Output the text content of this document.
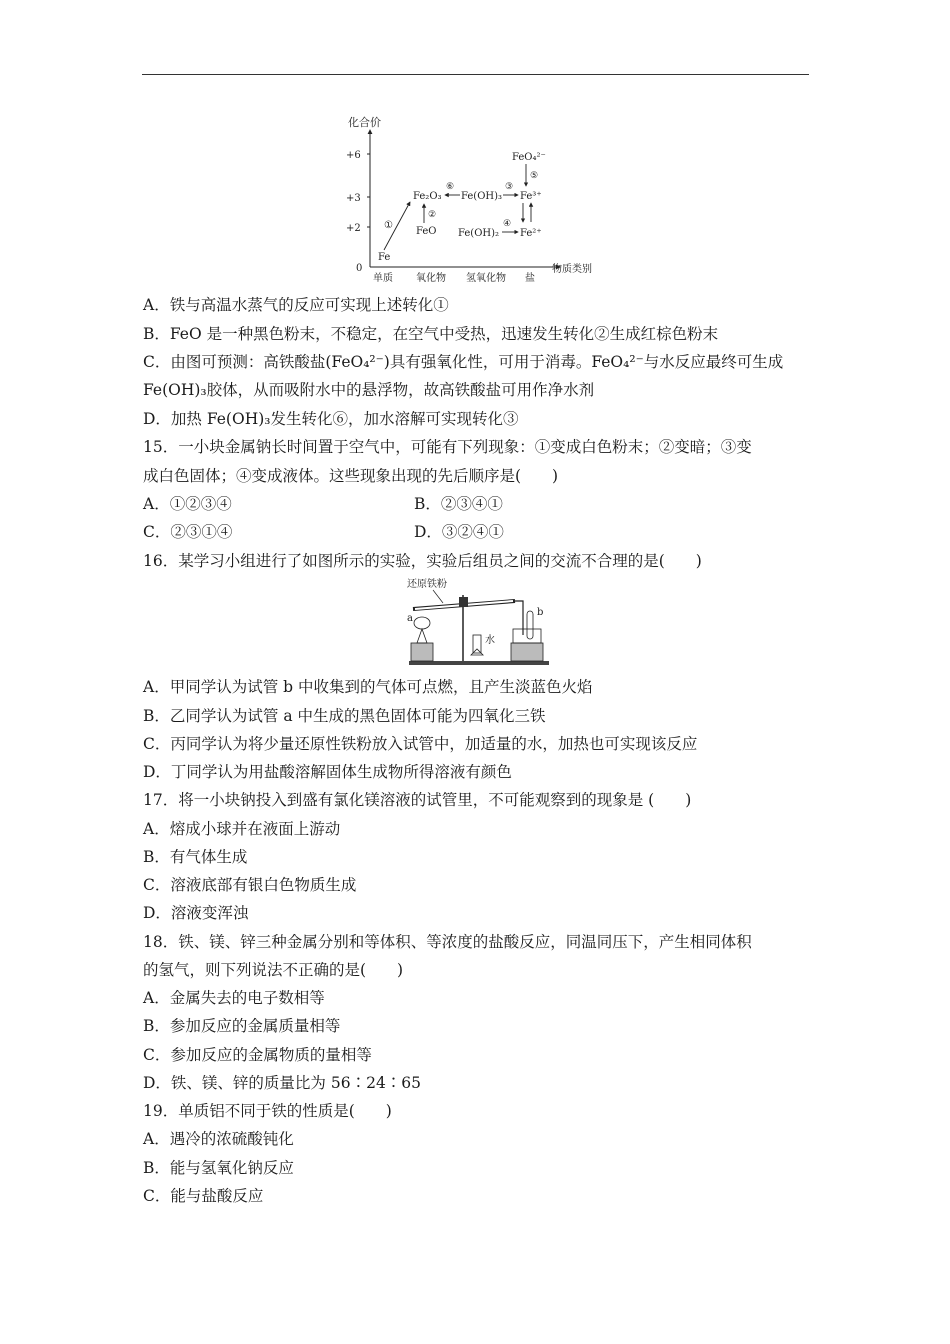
化合价
+6
+3
+2
0
单质 氧化物 氢氧化物 盐
物质类别
Fe
FeO
Fe₂O₃ Fe(OH)₃
Fe(OH)₂
Fe³⁺
Fe²⁺
FeO₄²⁻
①
②
⑥	③
④
⑤
A．铁与高温水蒸气的反应可实现上述转化①
B．FeO 是一种黑色粉末，不稳定，在空气中受热，迅速发生转化②生成红棕色粉末
C．由图可预测：高铁酸盐(FeO₄²⁻)具有强氧化性，可用于消毒。FeO₄²⁻与水反应最终可生成
Fe(OH)₃胶体，从而吸附水中的悬浮物，故高铁酸盐可用作净水剂
D．加热 Fe(OH)₃发生转化⑥，加水溶解可实现转化③
15．一小块金属钠长时间置于空气中，可能有下列现象：①变成白色粉末；②变暗；③变
成白色固体；④变成液体。这些现象出现的先后顺序是(　　)
A．①②③④	B．②③④①
C．②③①④	D．③②④①
16．某学习小组进行了如图所示的实验，实验后组员之间的交流不合理的是(　　)
还原铁粉
a
水
b
A．甲同学认为试管 b 中收集到的气体可点燃，且产生淡蓝色火焰
B．乙同学认为试管 a 中生成的黑色固体可能为四氧化三铁
C．丙同学认为将少量还原性铁粉放入试管中，加适量的水，加热也可实现该反应
D．丁同学认为用盐酸溶解固体生成物所得溶液有颜色
17．将一小块钠投入到盛有氯化镁溶液的试管里，不可能观察到的现象是 (　　)
A．熔成小球并在液面上游动
B．有气体生成
C．溶液底部有银白色物质生成
D．溶液变浑浊
18．铁、镁、锌三种金属分别和等体积、等浓度的盐酸反应，同温同压下，产生相同体积
的氢气，则下列说法不正确的是(　　)
A．金属失去的电子数相等
B．参加反应的金属质量相等
C．参加反应的金属物质的量相等
D．铁、镁、锌的质量比为 56∶24∶65
19．单质铝不同于铁的性质是(　　)
A．遇冷的浓硫酸钝化
B．能与氢氧化钠反应
C．能与盐酸反应
